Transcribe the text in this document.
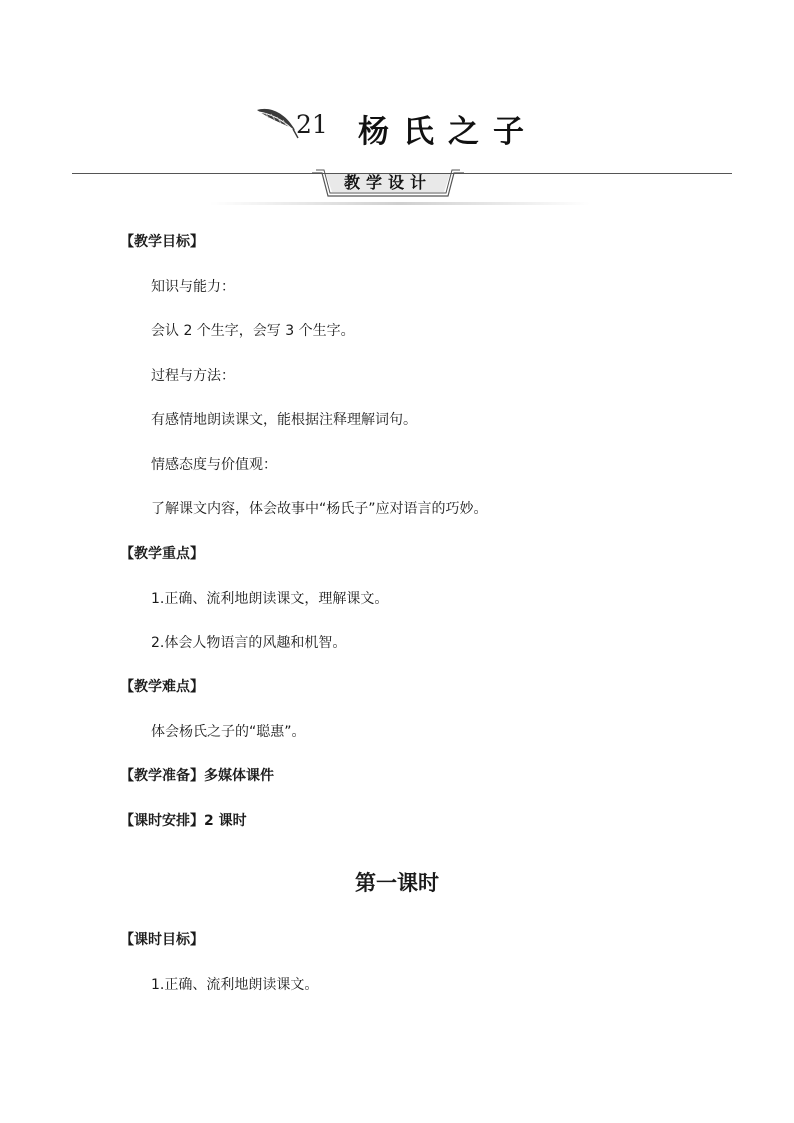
21 杨氏之子
教学设计
【教学目标】
知识与能力：
会认 2 个生字，会写 3 个生字。
过程与方法：
有感情地朗读课文，能根据注释理解词句。
情感态度与价值观：
了解课文内容，体会故事中“杨氏子”应对语言的巧妙。
【教学重点】
1.正确、流利地朗读课文，理解课文。
2.体会人物语言的风趣和机智。
【教学难点】
体会杨氏之子的“聪惠”。
【教学准备】多媒体课件
【课时安排】2 课时
第一课时
【课时目标】
1.正确、流利地朗读课文。
